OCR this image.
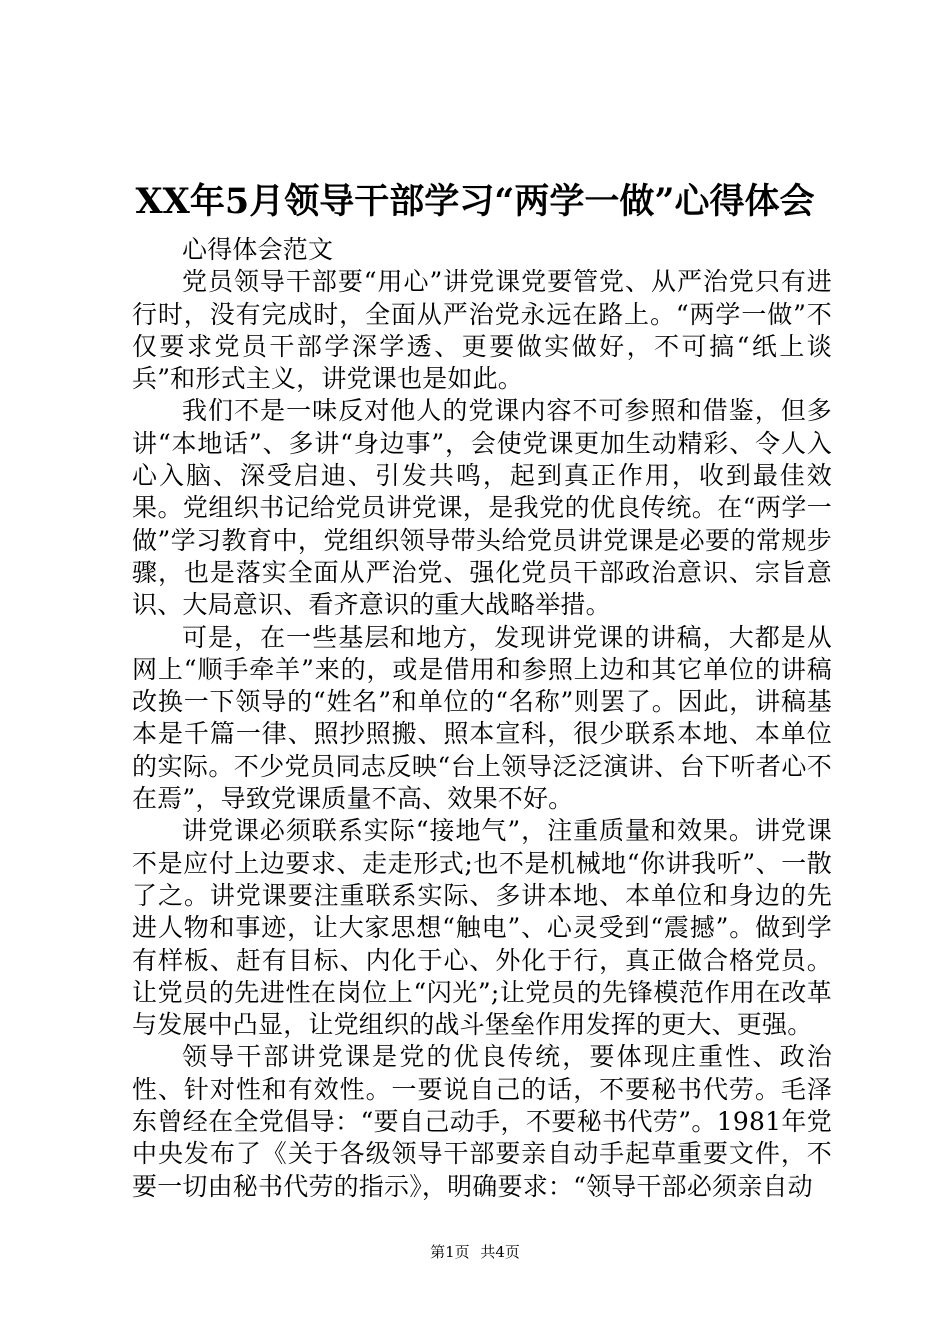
XX年5月领导干部学习“两学一做”心得体会

心得体会范文

党员领导干部要“用心”讲党课党要管党、从严治党只有进行时，没有完成时，全面从严治党永远在路上。“两学一做”不仅要求党员干部学深学透、更要做实做好，不可搞“纸上谈兵”和形式主义，讲党课也是如此。

我们不是一味反对他人的党课内容不可参照和借鉴，但多讲“本地话”、多讲“身边事”，会使党课更加生动精彩、令人入心入脑、深受启迪、引发共鸣，起到真正作用，收到最佳效果。党组织书记给党员讲党课，是我党的优良传统。在“两学一做”学习教育中，党组织领导带头给党员讲党课是必要的常规步骤，也是落实全面从严治党、强化党员干部政治意识、宗旨意识、大局意识、看齐意识的重大战略举措。

可是，在一些基层和地方，发现讲党课的讲稿，大都是从网上“顺手牵羊”来的，或是借用和参照上边和其它单位的讲稿改换一下领导的“姓名”和单位的“名称”则罢了。因此，讲稿基本是千篇一律、照抄照搬、照本宣科，很少联系本地、本单位的实际。不少党员同志反映“台上领导泛泛演讲、台下听者心不在焉”，导致党课质量不高、效果不好。

讲党课必须联系实际“接地气”，注重质量和效果。讲党课不是应付上边要求、走走形式;也不是机械地“你讲我听”、一散了之。讲党课要注重联系实际、多讲本地、本单位和身边的先进人物和事迹，让大家思想“触电”、心灵受到“震撼”。做到学有样板、赶有目标、内化于心、外化于行，真正做合格党员。让党员的先进性在岗位上“闪光”;让党员的先锋模范作用在改革与发展中凸显，让党组织的战斗堡垒作用发挥的更大、更强。

领导干部讲党课是党的优良传统，要体现庄重性、政治性、针对性和有效性。一要说自己的话，不要秘书代劳。毛泽东曾经在全党倡导：“要自己动手，不要秘书代劳”。1981年党中央发布了《关于各级领导干部要亲自动手起草重要文件，不要一切由秘书代劳的指示》，明确要求：“领导干部必须亲自动

第1页 共4页
